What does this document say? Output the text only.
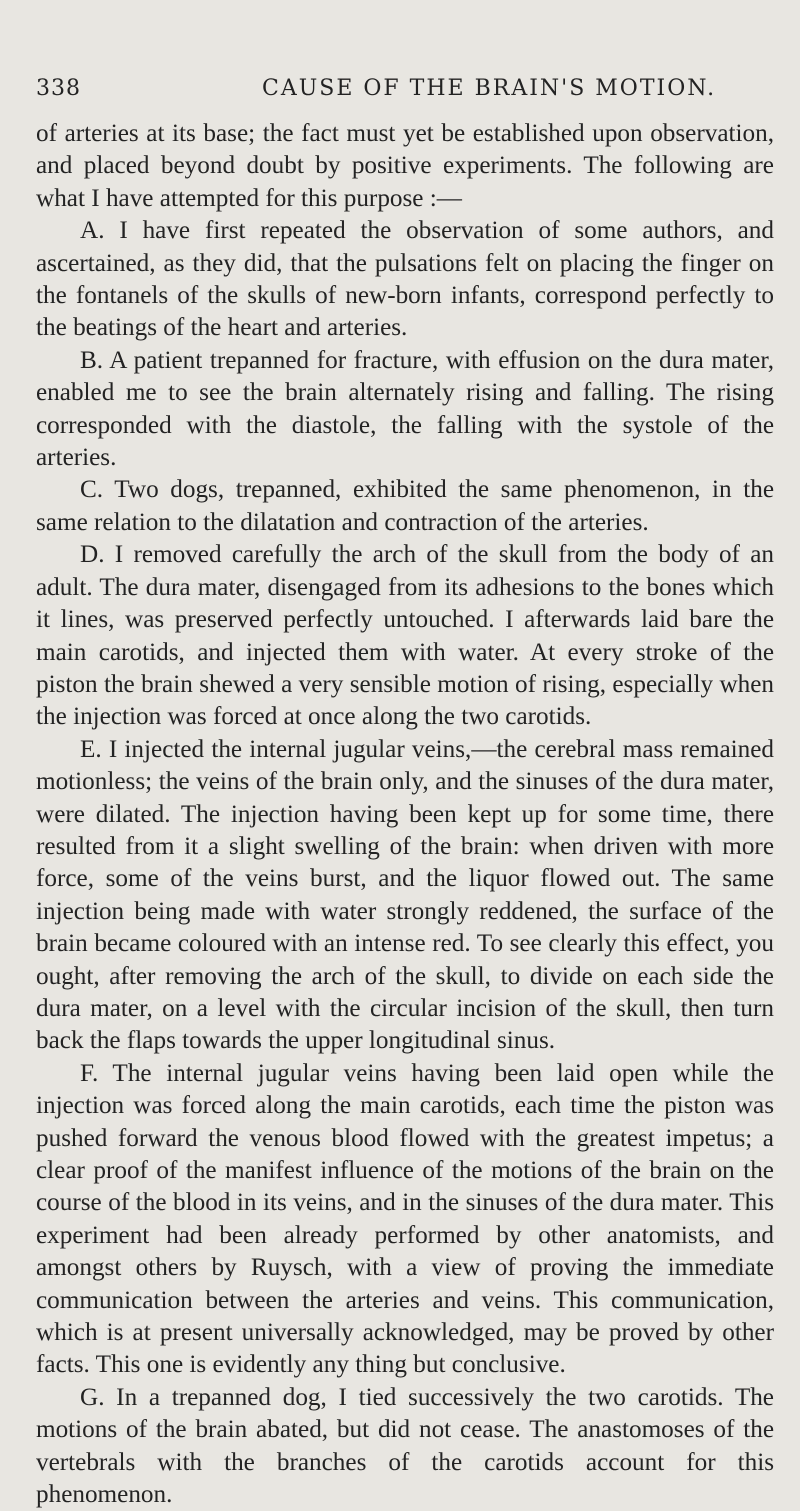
338	CAUSE OF THE BRAIN'S MOTION.

of arteries at its base; the fact must yet be established upon observation, and placed beyond doubt by positive experiments. The following are what I have attempted for this purpose :—

A. I have first repeated the observation of some authors, and ascertained, as they did, that the pulsations felt on placing the finger on the fontanels of the skulls of new-born infants, correspond perfectly to the beatings of the heart and arteries.

B. A patient trepanned for fracture, with effusion on the dura mater, enabled me to see the brain alternately rising and falling. The rising corresponded with the diastole, the falling with the systole of the arteries.

C. Two dogs, trepanned, exhibited the same phenomenon, in the same relation to the dilatation and contraction of the arteries.

D. I removed carefully the arch of the skull from the body of an adult. The dura mater, disengaged from its adhesions to the bones which it lines, was preserved perfectly untouched. I afterwards laid bare the main carotids, and injected them with water. At every stroke of the piston the brain shewed a very sensible motion of rising, especially when the injection was forced at once along the two carotids.

E. I injected the internal jugular veins,—the cerebral mass remained motionless; the veins of the brain only, and the sinuses of the dura mater, were dilated. The injection having been kept up for some time, there resulted from it a slight swelling of the brain: when driven with more force, some of the veins burst, and the liquor flowed out. The same injection being made with water strongly reddened, the surface of the brain became coloured with an intense red. To see clearly this effect, you ought, after removing the arch of the skull, to divide on each side the dura mater, on a level with the circular incision of the skull, then turn back the flaps towards the upper longitudinal sinus.

F. The internal jugular veins having been laid open while the injection was forced along the main carotids, each time the piston was pushed forward the venous blood flowed with the greatest impetus; a clear proof of the manifest influence of the motions of the brain on the course of the blood in its veins, and in the sinuses of the dura mater. This experiment had been already performed by other anatomists, and amongst others by Ruysch, with a view of proving the immediate communication between the arteries and veins. This communication, which is at present universally acknowledged, may be proved by other facts. This one is evidently any thing but conclusive.

G. In a trepanned dog, I tied successively the two carotids. The motions of the brain abated, but did not cease. The anastomoses of the vertebrals with the branches of the carotids account for this phenomenon.
